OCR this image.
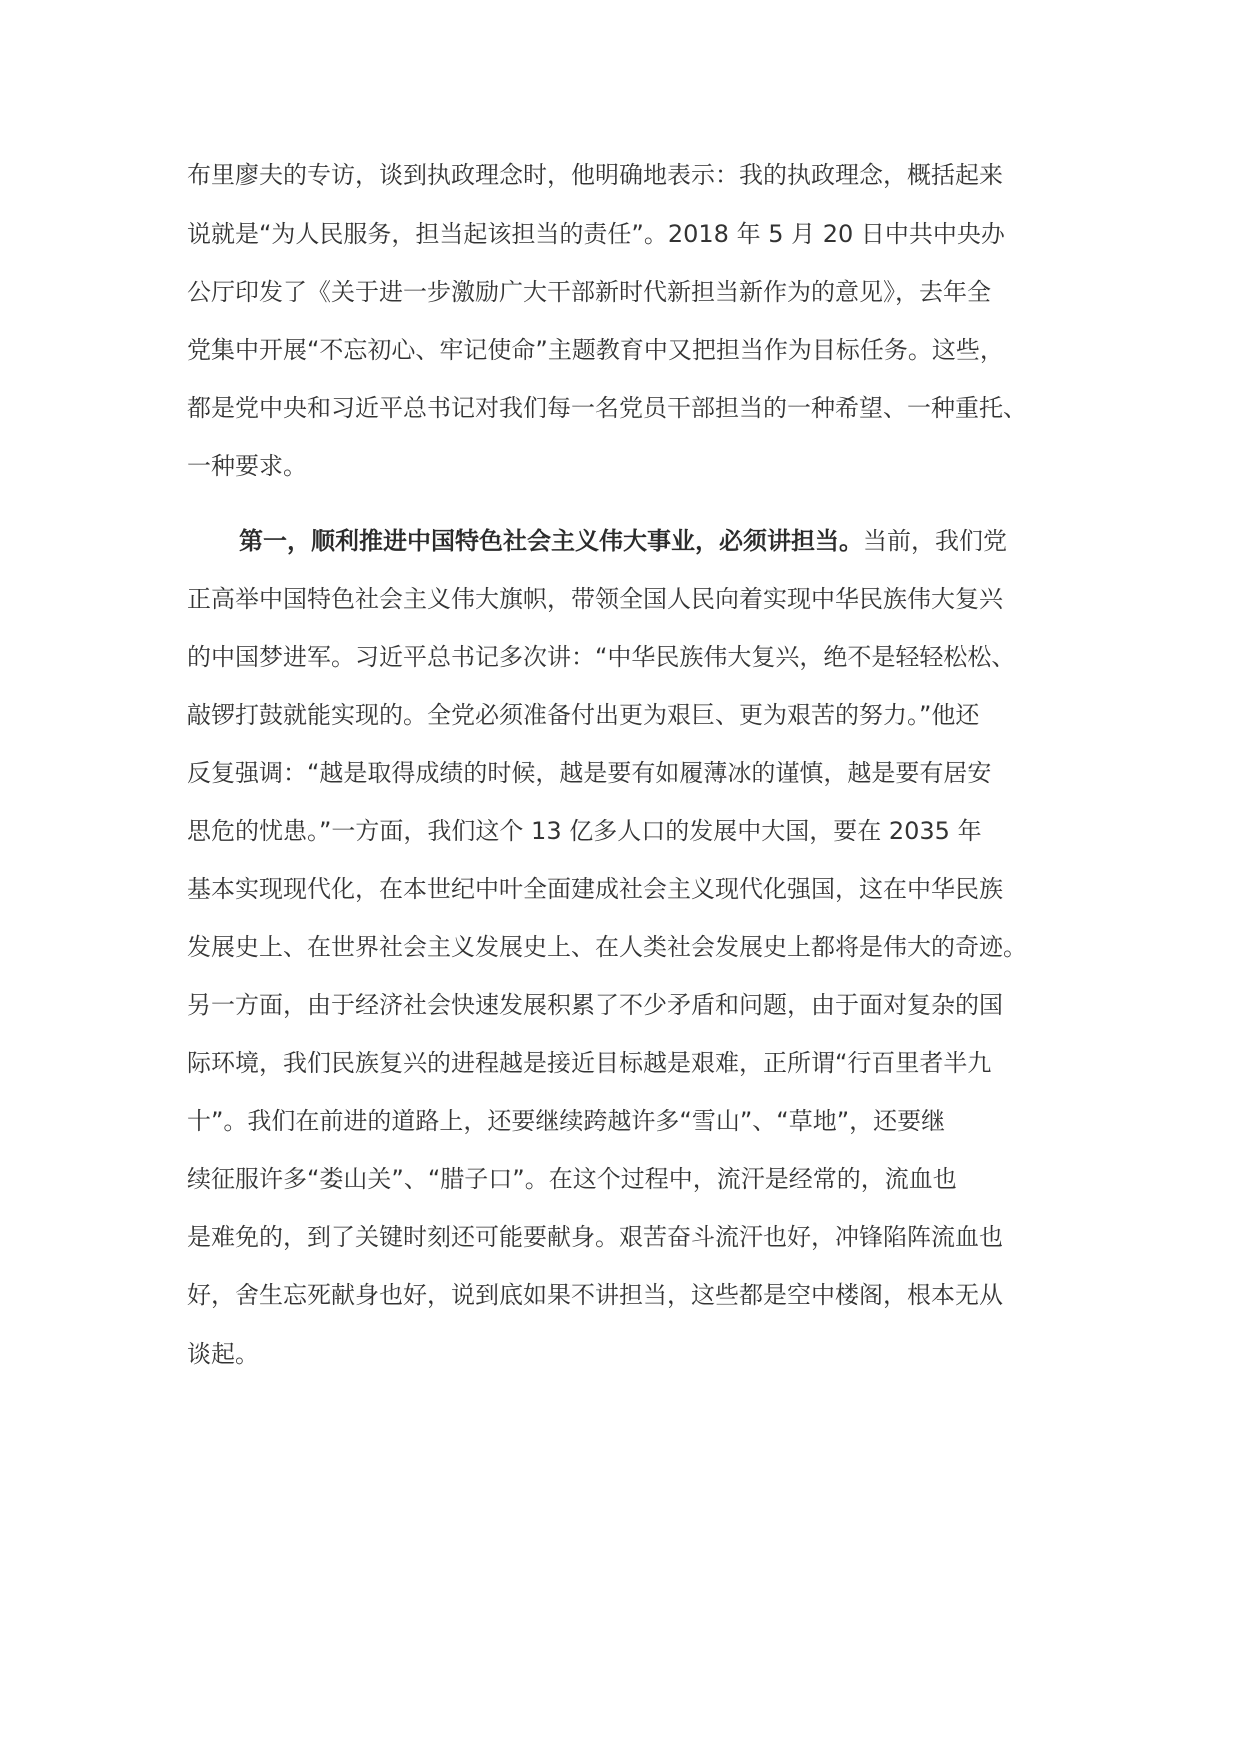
布里廖夫的专访，谈到执政理念时，他明确地表示：我的执政理念，概括起来
说就是“为人民服务，担当起该担当的责任”。2018 年 5 月 20 日中共中央办
公厅印发了《关于进一步激励广大干部新时代新担当新作为的意见》，去年全
党集中开展“不忘初心、牢记使命”主题教育中又把担当作为目标任务。这些，
都是党中央和习近平总书记对我们每一名党员干部担当的一种希望、一种重托、
一种要求。
第一，顺利推进中国特色社会主义伟大事业，必须讲担当。当前，我们党
正高举中国特色社会主义伟大旗帜，带领全国人民向着实现中华民族伟大复兴
的中国梦进军。习近平总书记多次讲：“中华民族伟大复兴，绝不是轻轻松松、
敲锣打鼓就能实现的。全党必须准备付出更为艰巨、更为艰苦的努力。”他还
反复强调：“越是取得成绩的时候，越是要有如履薄冰的谨慎，越是要有居安
思危的忧患。”一方面，我们这个 13 亿多人口的发展中大国，要在 2035 年
基本实现现代化，在本世纪中叶全面建成社会主义现代化强国，这在中华民族
发展史上、在世界社会主义发展史上、在人类社会发展史上都将是伟大的奇迹。
另一方面，由于经济社会快速发展积累了不少矛盾和问题，由于面对复杂的国
际环境，我们民族复兴的进程越是接近目标越是艰难，正所谓“行百里者半九
十”。我们在前进的道路上，还要继续跨越许多“雪山”、“草地”，还要继
续征服许多“娄山关”、“腊子口”。在这个过程中，流汗是经常的，流血也
是难免的，到了关键时刻还可能要献身。艰苦奋斗流汗也好，冲锋陷阵流血也
好，舍生忘死献身也好，说到底如果不讲担当，这些都是空中楼阁，根本无从
谈起。
